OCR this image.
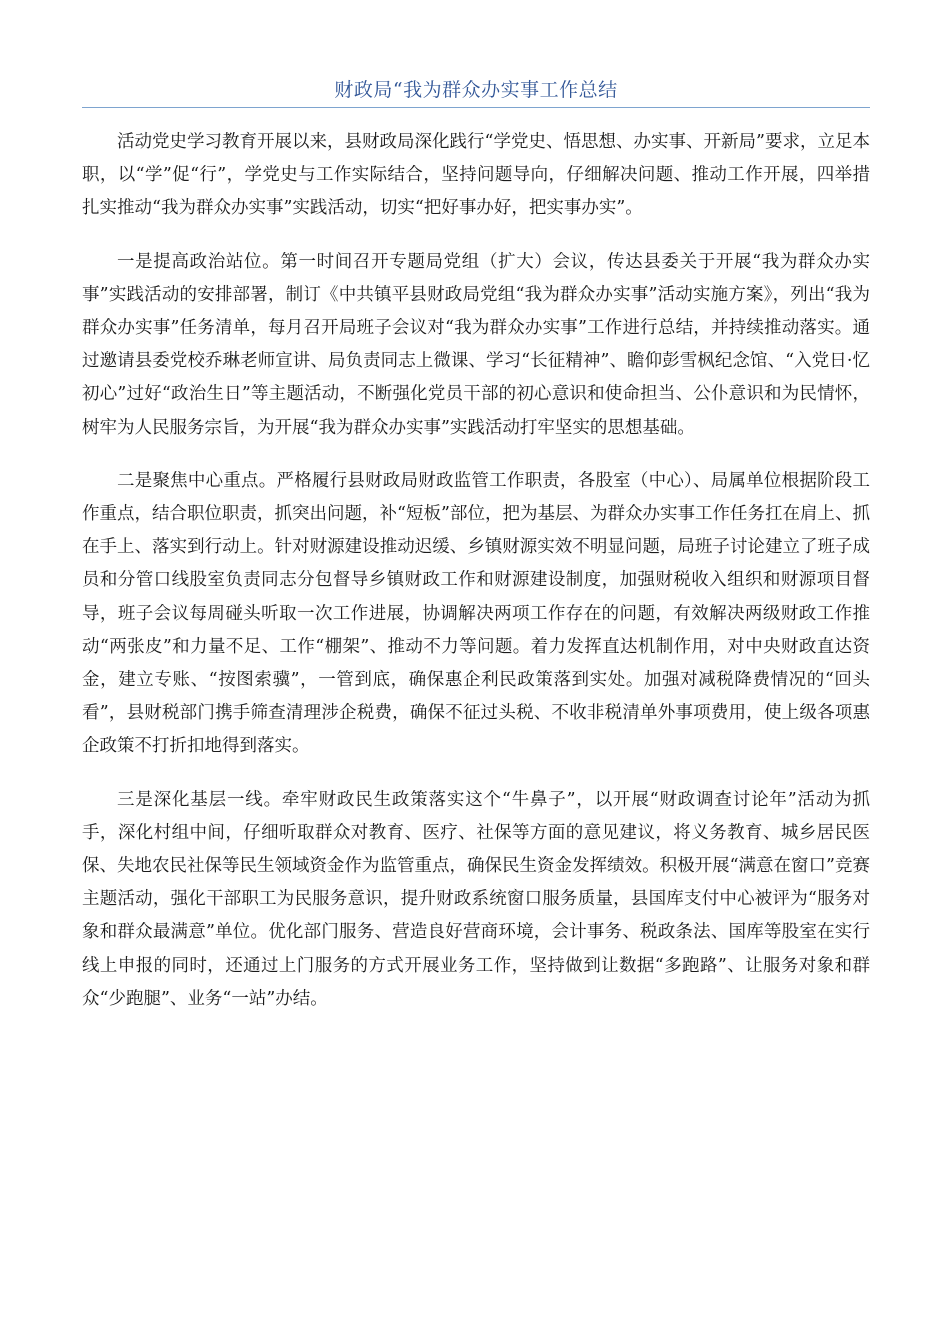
财政局“我为群众办实事工作总结

活动党史学习教育开展以来，县财政局深化践行“学党史、悟思想、办实事、开新局”要求，立足本职，以“学”促“行”，学党史与工作实际结合，坚持问题导向，仔细解决问题、推动工作开展，四举措扎实推动“我为群众办实事”实践活动，切实“把好事办好，把实事办实”。

一是提高政治站位。第一时间召开专题局党组（扩大）会议，传达县委关于开展“我为群众办实事”实践活动的安排部署，制订《中共镇平县财政局党组“我为群众办实事”活动实施方案》，列出“我为群众办实事”任务清单，每月召开局班子会议对“我为群众办实事”工作进行总结，并持续推动落实。通过邀请县委党校乔琳老师宣讲、局负责同志上微课、学习“长征精神”、瞻仰彭雪枫纪念馆、“入党日·忆初心”过好“政治生日”等主题活动，不断强化党员干部的初心意识和使命担当、公仆意识和为民情怀，树牢为人民服务宗旨，为开展“我为群众办实事”实践活动打牢坚实的思想基础。

二是聚焦中心重点。严格履行县财政局财政监管工作职责，各股室（中心）、局属单位根据阶段工作重点，结合职位职责，抓突出问题，补“短板”部位，把为基层、为群众办实事工作任务扛在肩上、抓在手上、落实到行动上。针对财源建设推动迟缓、乡镇财源实效不明显问题，局班子讨论建立了班子成员和分管口线股室负责同志分包督导乡镇财政工作和财源建设制度，加强财税收入组织和财源项目督导，班子会议每周碰头听取一次工作进展，协调解决两项工作存在的问题，有效解决两级财政工作推动“两张皮”和力量不足、工作“棚架”、推动不力等问题。着力发挥直达机制作用，对中央财政直达资金，建立专账、“按图索骥”，一管到底，确保惠企利民政策落到实处。加强对减税降费情况的“回头看”，县财税部门携手筛查清理涉企税费，确保不征过头税、不收非税清单外事项费用，使上级各项惠企政策不打折扣地得到落实。

三是深化基层一线。牵牢财政民生政策落实这个“牛鼻子”，以开展“财政调查讨论年”活动为抓手，深化村组中间，仔细听取群众对教育、医疗、社保等方面的意见建议，将义务教育、城乡居民医保、失地农民社保等民生领域资金作为监管重点，确保民生资金发挥绩效。积极开展“满意在窗口”竞赛主题活动，强化干部职工为民服务意识，提升财政系统窗口服务质量，县国库支付中心被评为“服务对象和群众最满意”单位。优化部门服务、营造良好营商环境，会计事务、税政条法、国库等股室在实行线上申报的同时，还通过上门服务的方式开展业务工作，坚持做到让数据“多跑路”、让服务对象和群众“少跑腿”、业务“一站”办结。
